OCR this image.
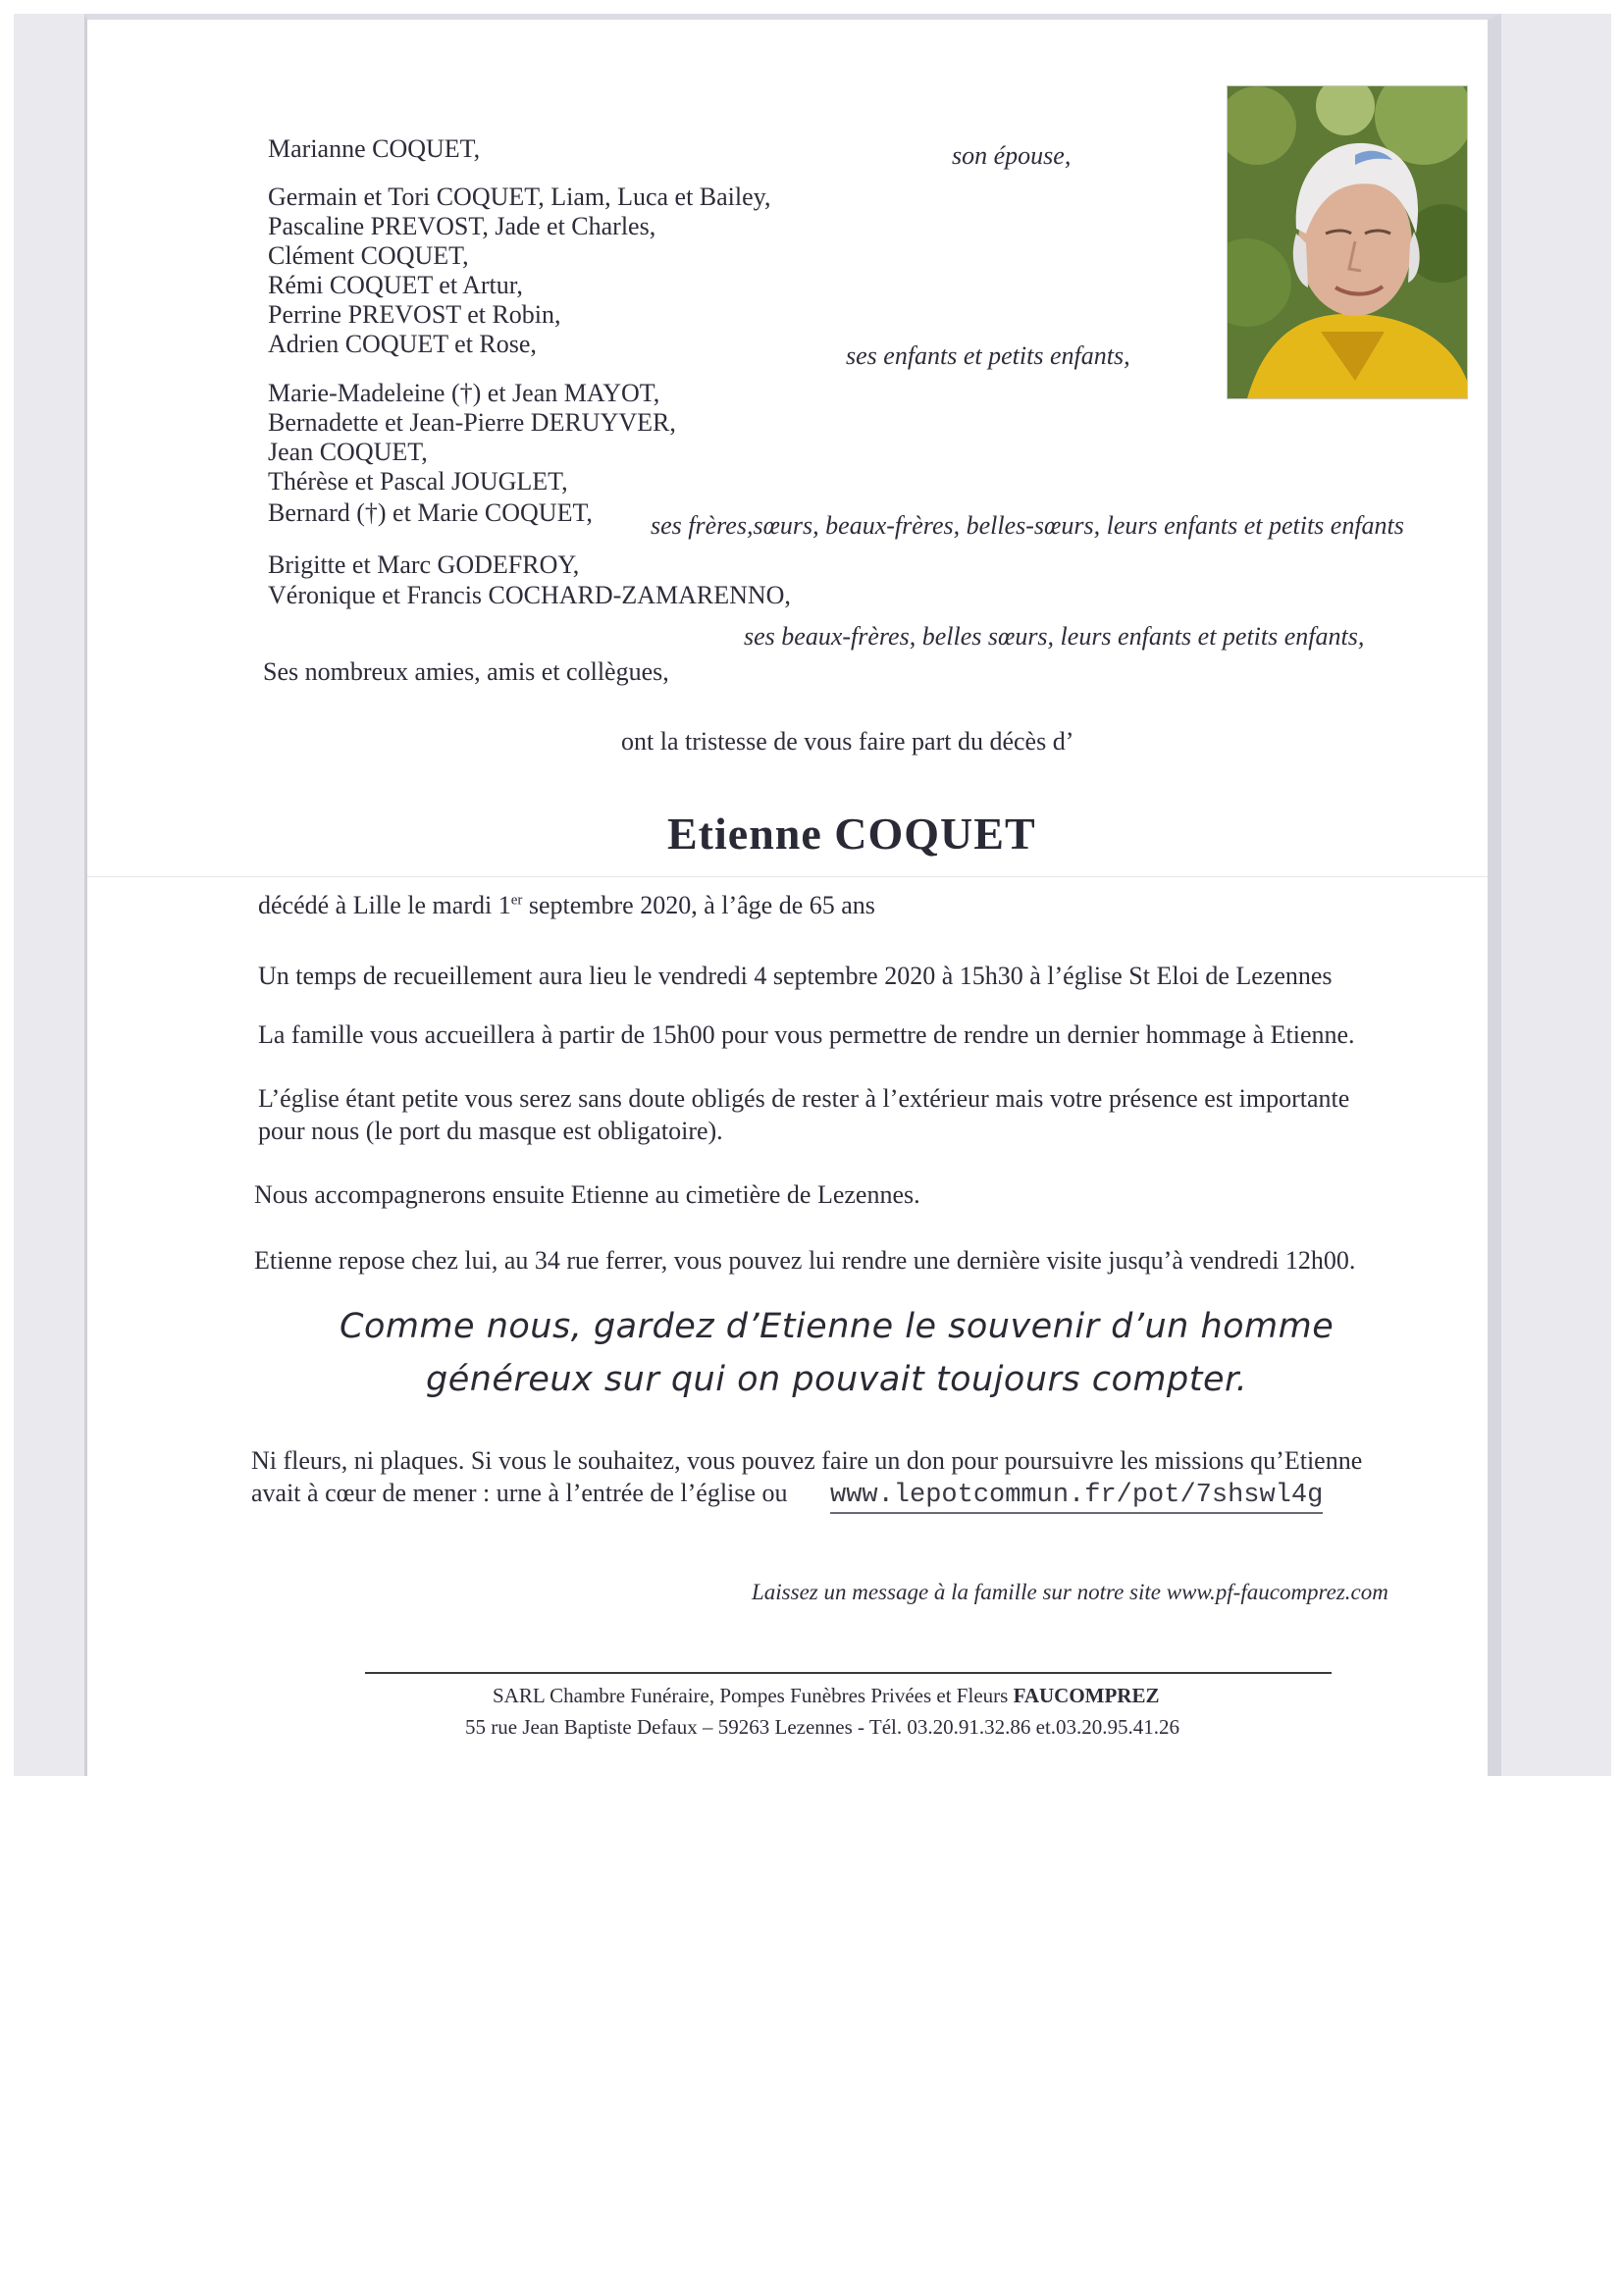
Marianne COQUET,	son épouse,

Germain et Tori COQUET, Liam, Luca et Bailey,

Pascaline PREVOST, Jade et Charles,

Clément COQUET,

Rémi COQUET et Artur,

Perrine PREVOST et Robin,

Adrien COQUET et Rose,	ses enfants et petits enfants,

Marie-Madeleine (†) et Jean MAYOT,

Bernadette et Jean-Pierre DERUYVER,

Jean COQUET,

Thérèse et Pascal JOUGLET,

Bernard (†) et Marie COQUET, ses frères,sœurs, beaux-frères, belles-sœurs, leurs enfants et petits enfants

Brigitte et Marc GODEFROY,

Véronique et Francis COCHARD-ZAMARENNO,

ses beaux-frères, belles sœurs, leurs enfants et petits enfants,

Ses nombreux amies, amis et collègues,

ont la tristesse de vous faire part du décès d’

Etienne COQUET

décédé à Lille le mardi 1er septembre 2020, à l’âge de 65 ans

Un temps de recueillement aura lieu le vendredi 4 septembre 2020 à 15h30 à l’église St Eloi de Lezennes

La famille vous accueillera à partir de 15h00 pour vous permettre de rendre un dernier hommage à Etienne.

L’église étant petite vous serez sans doute obligés de rester à l’extérieur mais votre présence est importante

pour nous (le port du masque est obligatoire).

Nous accompagnerons ensuite Etienne au cimetière de Lezennes.

Etienne repose chez lui, au 34 rue ferrer, vous pouvez lui rendre une dernière visite jusqu’à vendredi 12h00.

Comme nous, gardez d’Etienne le souvenir d’un homme

généreux sur qui on pouvait toujours compter.

Ni fleurs, ni plaques. Si vous le souhaitez, vous pouvez faire un don pour poursuivre les missions qu’Etienne

avait à cœur de mener : urne à l’entrée de l’église ou www.lepotcommun.fr/pot/7shswl4g

Laissez un message à la famille sur notre site www.pf-faucomprez.com

SARL Chambre Funéraire, Pompes Funèbres Privées et Fleurs FAUCOMPREZ

55 rue Jean Baptiste Defaux – 59263 Lezennes - Tél. 03.20.91.32.86 et.03.20.95.41.26
